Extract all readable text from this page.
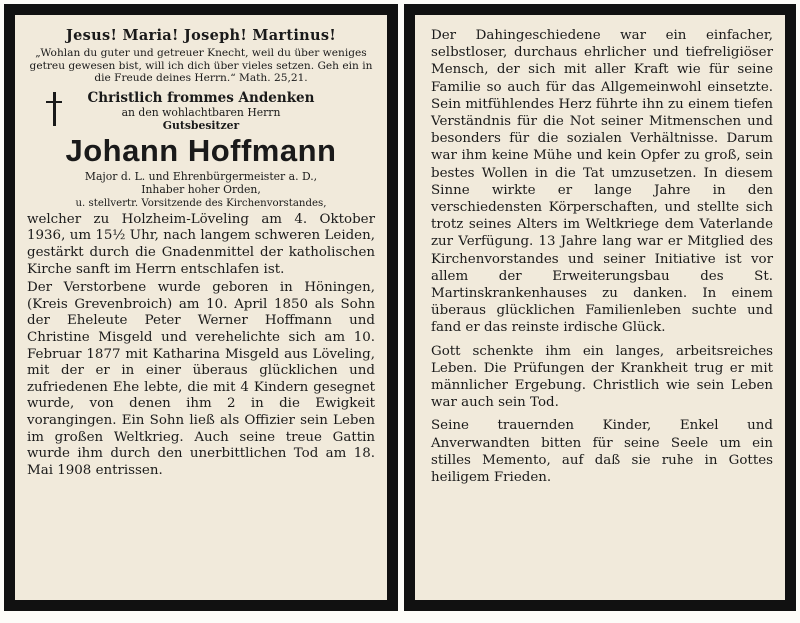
Jesus! Maria! Joseph! Martinus!
„Wohlan du guter und getreuer Knecht, weil du über weniges getreu gewesen bist, will ich dich über vieles setzen. Geh ein in die Freude deines Herrn.“ Math. 25,21.
Christlich frommes Andenken
an den wohlachtbaren Herrn
Gutsbesitzer
Johann Hoffmann
Major d. L. und Ehrenbürgermeister a. D.,
Inhaber hoher Orden,
u. stellvertr. Vorsitzende des Kirchenvorstandes,
welcher zu Holzheim-Löveling am 4. Oktober 1936, um 15½ Uhr, nach langem schweren Leiden, gestärkt durch die Gnadenmittel der katholischen Kirche sanft im Herrn entschlafen ist.
Der Verstorbene wurde geboren in Höningen, (Kreis Grevenbroich) am 10. April 1850 als Sohn der Eheleute Peter Werner Hoffmann und Christine Misgeld und verehelichte sich am 10. Februar 1877 mit Katharina Misgeld aus Löveling, mit der er in einer überaus glücklichen und zufriedenen Ehe lebte, die mit 4 Kindern gesegnet wurde, von denen ihm 2 in die Ewigkeit vorangingen. Ein Sohn ließ als Offizier sein Leben im großen Weltkrieg. Auch seine treue Gattin wurde ihm durch den unerbittlichen Tod am 18. Mai 1908 entrissen.
Der Dahingeschiedene war ein einfacher, selbstloser, durchaus ehrlicher und tiefreligiöser Mensch, der sich mit aller Kraft wie für seine Familie so auch für das Allgemeinwohl einsetzte. Sein mitfühlendes Herz führte ihn zu einem tiefen Verständnis für die Not seiner Mitmenschen und besonders für die sozialen Verhältnisse. Darum war ihm keine Mühe und kein Opfer zu groß, sein bestes Wollen in die Tat umzusetzen. In diesem Sinne wirkte er lange Jahre in den verschiedensten Körperschaften, und stellte sich trotz seines Alters im Weltkriege dem Vaterlande zur Verfügung. 13 Jahre lang war er Mitglied des Kirchenvorstandes und seiner Initiative ist vor allem der Erweiterungsbau des St. Martinskrankenhauses zu danken. In einem überaus glücklichen Familienleben suchte und fand er das reinste irdische Glück.
Gott schenkte ihm ein langes, arbeitsreiches Leben. Die Prüfungen der Krankheit trug er mit männlicher Ergebung. Christlich wie sein Leben war auch sein Tod.
Seine trauernden Kinder, Enkel und Anverwandten bitten für seine Seele um ein stilles Memento, auf daß sie ruhe in Gottes heiligem Frieden.
